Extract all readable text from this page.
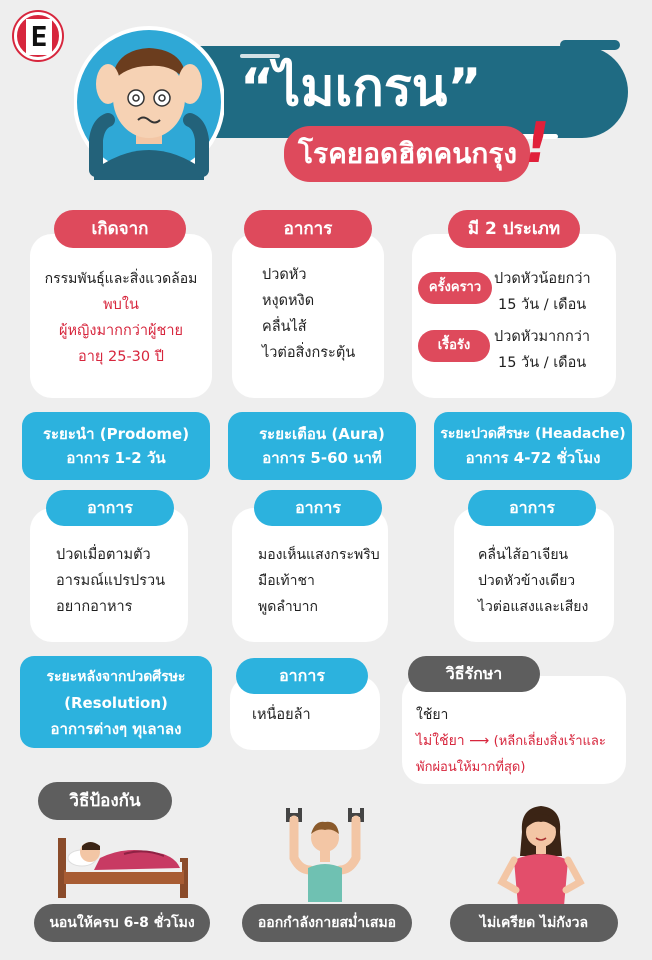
E
“ไมเกรน”
โรคยอดฮิตคนกรุง !
เกิดจาก
กรรมพันธุ์และสิ่งแวดล้อม
พบใน
ผู้หญิงมากกว่าผู้ชาย
อายุ 25-30 ปี
อาการ
ปวดหัว
หงุดหงิด
คลื่นไส้
ไวต่อสิ่งกระตุ้น
มี 2 ประเภท
ครั้งคราว
ปวดหัวน้อยกว่า
15 วัน / เดือน
เรื้อรัง
ปวดหัวมากกว่า
15 วัน / เดือน
ระยะนำ (Prodome)
อาการ 1-2 วัน
ระยะเตือน (Aura)
อาการ 5-60 นาที
ระยะปวดศีรษะ (Headache)
อาการ 4-72 ชั่วโมง
อาการ
ปวดเมื่อตามตัว
อารมณ์แปรปรวน
อยากอาหาร
อาการ
มองเห็นแสงกระพริบ
มือเท้าชา
พูดลำบาก
อาการ
คลื่นไส้อาเจียน
ปวดหัวข้างเดียว
ไวต่อแสงและเสียง
ระยะหลังจากปวดศีรษะ
(Resolution)
อาการต่างๆ ทุเลาลง
อาการ
เหนื่อยล้า
วิธีรักษา
ใช้ยา
ไม่ใช้ยา ⟶ (หลีกเลี่ยงสิ่งเร้าและ
พักผ่อนให้มากที่สุด)
วิธีป้องกัน
นอนให้ครบ 6-8 ชั่วโมง	ออกกำลังกายสม่ำเสมอ	ไม่เครียด ไม่กังวล
